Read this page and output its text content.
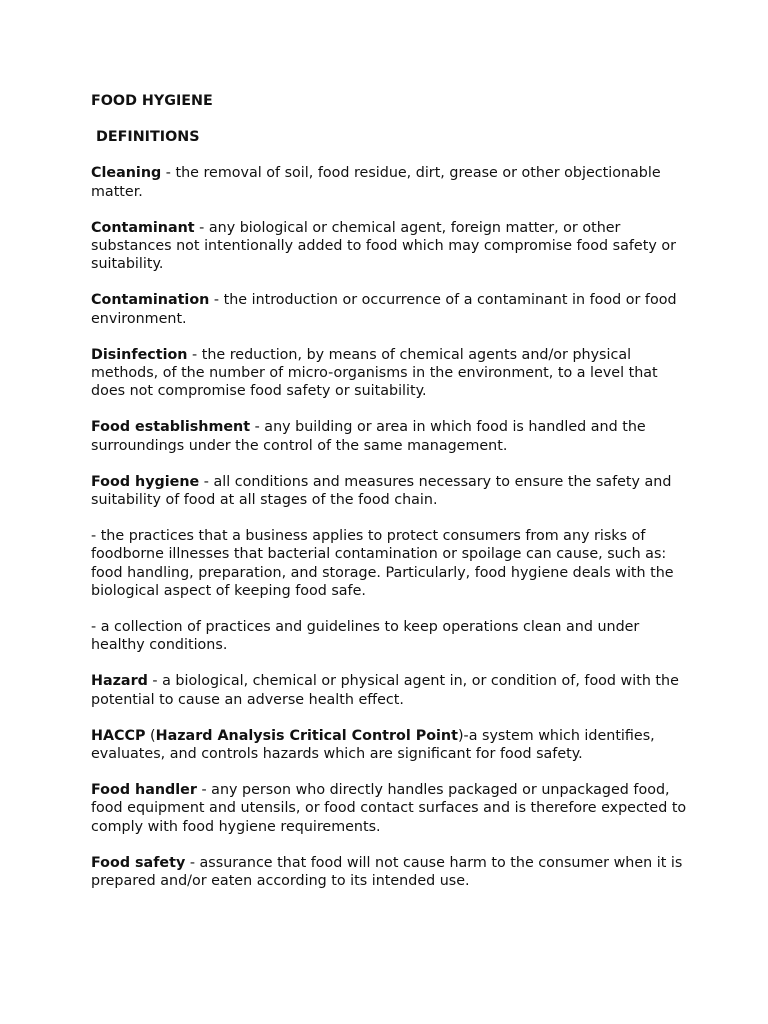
FOOD HYGIENE

DEFINITIONS

Cleaning - the removal of soil, food residue, dirt, grease or other objectionable matter.

Contaminant - any biological or chemical agent, foreign matter, or other substances not intentionally added to food which may compromise food safety or suitability.

Contamination - the introduction or occurrence of a contaminant in food or food environment.

Disinfection - the reduction, by means of chemical agents and/or physical methods, of the number of micro-organisms in the environment, to a level that does not compromise food safety or suitability.

Food establishment - any building or area in which food is handled and the surroundings under the control of the same management.

Food hygiene - all conditions and measures necessary to ensure the safety and suitability of food at all stages of the food chain.

- the practices that a business applies to protect consumers from any risks of foodborne illnesses that bacterial contamination or spoilage can cause, such as: food handling, preparation, and storage. Particularly, food hygiene deals with the biological aspect of keeping food safe.

- a collection of practices and guidelines to keep operations clean and under healthy conditions.

Hazard - a biological, chemical or physical agent in, or condition of, food with the potential to cause an adverse health effect.

HACCP (Hazard Analysis Critical Control Point)-a system which identifies, evaluates, and controls hazards which are significant for food safety.

Food handler - any person who directly handles packaged or unpackaged food, food equipment and utensils, or food contact surfaces and is therefore expected to comply with food hygiene requirements.

Food safety - assurance that food will not cause harm to the consumer when it is prepared and/or eaten according to its intended use.
